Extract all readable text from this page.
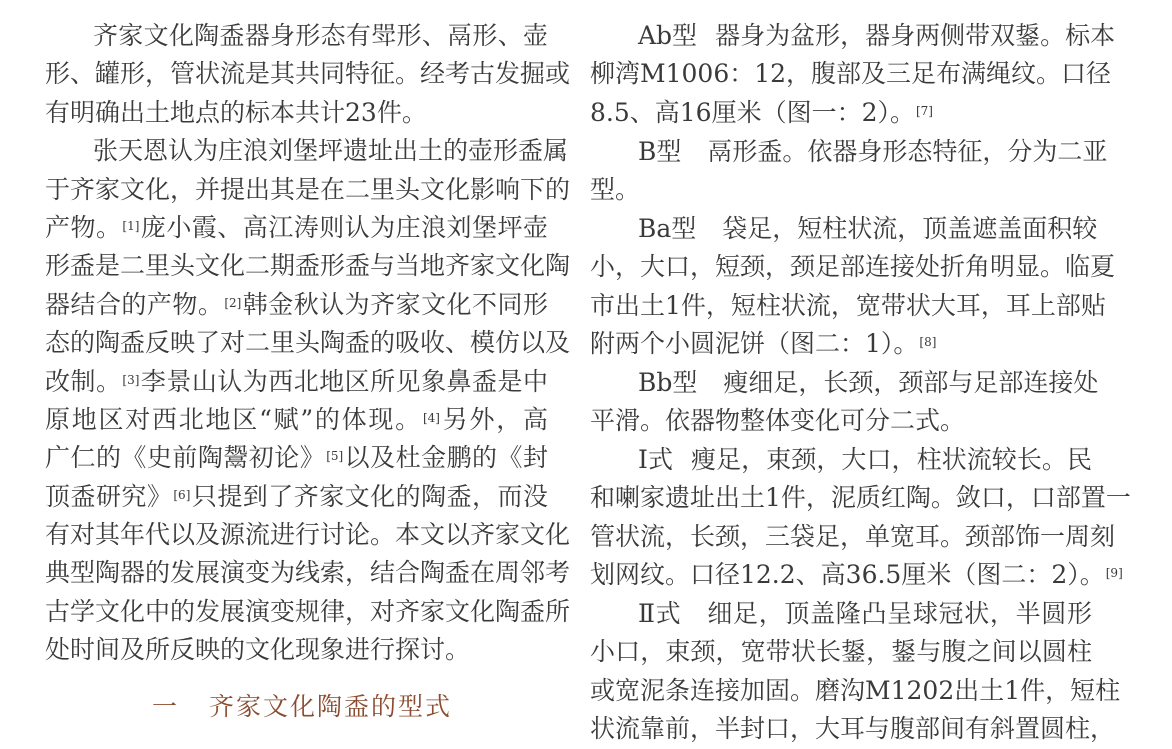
齐家文化陶盉器身形态有斝形、鬲形、壶
形、罐形，管状流是其共同特征。经考古发掘或
有明确出土地点的标本共计23件。
张天恩认为庄浪刘堡坪遗址出土的壶形盉属
于齐家文化，并提出其是在二里头文化影响下的
产物。[1]庞小霞、高江涛则认为庄浪刘堡坪壶
形盉是二里头文化二期盉形盉与当地齐家文化陶
器结合的产物。[2]韩金秋认为齐家文化不同形
态的陶盉反映了对二里头陶盉的吸收、模仿以及
改制。[3]李景山认为西北地区所见象鼻盉是中
原地区对西北地区“赋”的体现。[4]另外，高
广仁的《史前陶鬶初论》[5]以及杜金鹏的《封
顶盉研究》[6]只提到了齐家文化的陶盉，而没
有对其年代以及源流进行讨论。本文以齐家文化
典型陶器的发展演变为线索，结合陶盉在周邻考
古学文化中的发展演变规律，对齐家文化陶盉所
处时间及所反映的文化现象进行探讨。
一 齐家文化陶盉的型式
Ab型 器身为盆形，器身两侧带双鋬。标本
柳湾M1006：12，腹部及三足布满绳纹。口径
8.5、高16厘米（图一：2）。[7]
B型 鬲形盉。依器身形态特征，分为二亚
型。
Ba型 袋足，短柱状流，顶盖遮盖面积较
小，大口，短颈，颈足部连接处折角明显。临夏
市出土1件，短柱状流，宽带状大耳，耳上部贴
附两个小圆泥饼（图二：1）。[8]
Bb型 瘦细足，长颈，颈部与足部连接处
平滑。依器物整体变化可分二式。
Ⅰ式 瘦足，束颈，大口，柱状流较长。民
和喇家遗址出土1件，泥质红陶。敛口，口部置一
管状流，长颈，三袋足，单宽耳。颈部饰一周刻
划网纹。口径12.2、高36.5厘米（图二：2）。[9]
Ⅱ式 细足，顶盖隆凸呈球冠状，半圆形
小口，束颈，宽带状长鋬，鋬与腹之间以圆柱
或宽泥条连接加固。磨沟M1202出土1件，短柱
状流靠前，半封口，大耳与腹部间有斜置圆柱，
